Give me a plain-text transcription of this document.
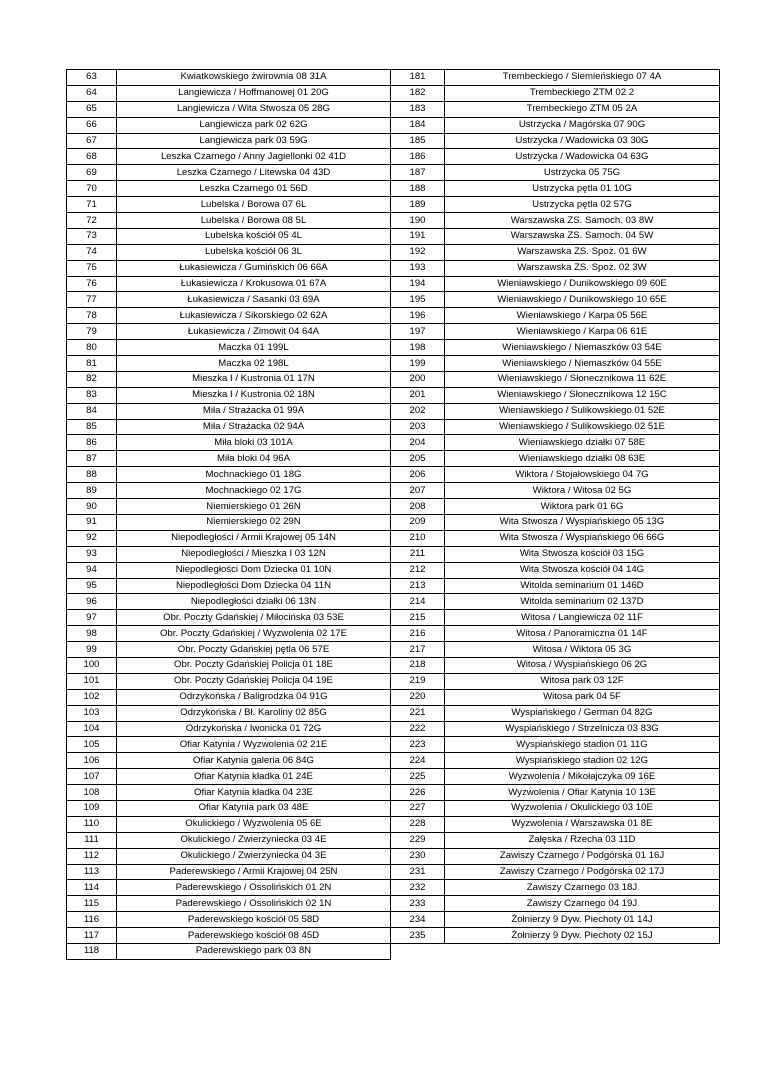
63	Kwiatkowskiego żwirownia 08 31A
64	Langiewicza / Hoffmanowej 01 20G
65	Langiewicza / Wita Stwosza 05 28G
66	Langiewicza park 02 62G
67	Langiewicza park 03 59G
68	Leszka Czarnego / Anny Jagiellonki 02 41D
69	Leszka Czarnego / Litewska 04 43D
70	Leszka Czarnego 01 56D
71	Lubelska / Borowa 07 6L
72	Lubelska / Borowa 08 5L
73	Lubelska kościół 05 4L
74	Lubelska kościół 06 3L
75	Łukasiewicza / Gumińskich 06 66A
76	Łukasiewicza / Krokusowa 01 67A
77	Łukasiewicza / Sasanki 03 69A
78	Łukasiewicza / Sikorskiego 02 62A
79	Łukasiewicza / Zimowit 04 64A
80	Maczka 01 199L
81	Maczka 02 198L
82	Mieszka I / Kustronia 01 17N
83	Mieszka I / Kustronia 02 18N
84	Miła / Strażacka 01 99A
85	Miła / Strażacka 02 94A
86	Miła bloki 03 101A
87	Miła bloki 04 96A
88	Mochnackiego 01 18G
89	Mochnackiego 02 17G
90	Niemierskiego 01 26N
91	Niemierskiego 02 29N
92	Niepodległości / Armii Krajowej 05 14N
93	Niepodległości / Mieszka I 03 12N
94	Niepodległości Dom Dziecka 01 10N
95	Niepodległości Dom Dziecka 04 11N
96	Niepodległości działki 06 13N
97	Obr. Poczty Gdańskiej / Miłocińska 03 53E
98	Obr. Poczty Gdańskiej / Wyzwolenia 02 17E
99	Obr. Poczty Gdańskiej pętla 06 57E
100	Obr. Poczty Gdańskiej Policja 01 18E
101	Obr. Poczty Gdańskiej Policja 04 19E
102	Odrzykońska / Baligrodzka 04 91G
103	Odrzykońska / Bł. Karoliny 02 85G
104	Odrzykońska / Iwonicka 01 72G
105	Ofiar Katynia / Wyzwolenia 02 21E
106	Ofiar Katynia galeria 06 84G
107	Ofiar Katynia kładka 01 24E
108	Ofiar Katynia kładka 04 23E
109	Ofiar Katynia park 03 48E
110	Okulickiego / Wyzwolenia 05 6E
111	Okulickiego / Zwierzyniecka 03 4E
112	Okulickiego / Zwierzyniecka 04 3E
113	Paderewskiego / Armii Krajowej 04 25N
114	Paderewskiego / Ossolińskich 01 2N
115	Paderewskiego / Ossolińskich 02 1N
116	Paderewskiego kościół 05 58D
117	Paderewskiego kościół 08 45D
118	Paderewskiego park 03 8N
181	Trembeckiego / Siemieńskiego 07 4A
182	Trembeckiego ZTM 02 2
183	Trembeckiego ZTM 05 2A
184	Ustrzycka / Magórska 07 90G
185	Ustrzycka / Wadowicka 03 30G
186	Ustrzycka / Wadowicka 04 63G
187	Ustrzycka 05 75G
188	Ustrzycka pętla 01 10G
189	Ustrzycka pętla 02 57G
190	Warszawska ZS. Samoch. 03 8W
191	Warszawska ZS. Samoch. 04 5W
192	Warszawska ZS. Spoż. 01 6W
193	Warszawska ZS. Spoż. 02 3W
194	Wieniawskiego / Dunikowskiego 09 60E
195	Wieniawskiego / Dunikowskiego 10 65E
196	Wieniawskiego / Karpa 05 56E
197	Wieniawskiego / Karpa 06 61E
198	Wieniawskiego / Niemaszków 03 54E
199	Wieniawskiego / Niemaszków 04 55E
200	Wieniawskiego / Słonecznikowa 11 62E
201	Wieniawskiego / Słonecznikowa 12 15C
202	Wieniawskiego / Sulikowskiego 01 52E
203	Wieniawskiego / Sulikowskiego 02 51E
204	Wieniawskiego działki 07 58E
205	Wieniawskiego działki 08 63E
206	Wiktora / Stojałowskiego 04 7G
207	Wiktora / Witosa 02 5G
208	Wiktora park 01 6G
209	Wita Stwosza / Wyspiańskiego 05 13G
210	Wita Stwosza / Wyspiańskiego 06 66G
211	Wita Stwosza kościół 03 15G
212	Wita Stwosza kościół 04 14G
213	Witolda seminarium 01 146D
214	Witolda seminarium 02 137D
215	Witosa / Langiewicza 02 11F
216	Witosa / Panoramiczna 01 14F
217	Witosa / Wiktora 05 3G
218	Witosa / Wyspiańskiego 06 2G
219	Witosa park 03 12F
220	Witosa park 04 5F
221	Wyspiańskiego / German 04 82G
222	Wyspiańskiego / Strzelnicza 03 83G
223	Wyspiańskiego stadion 01 11G
224	Wyspiańskiego stadion 02 12G
225	Wyzwolenia / Mikołajczyka 09 16E
226	Wyzwolenia / Ofiar Katynia 10 13E
227	Wyzwolenia / Okulickiego 03 10E
228	Wyzwolenia / Warszawska 01 8E
229	Załęska / Rzecha 03 11D
230	Zawiszy Czarnego / Podgórska 01 16J
231	Zawiszy Czarnego / Podgórska 02 17J
232	Zawiszy Czarnego 03 18J
233	Zawiszy Czarnego 04 19J
234	Żołnierzy 9 Dyw. Piechoty 01 14J
235	Żołnierzy 9 Dyw. Piechoty 02 15J
